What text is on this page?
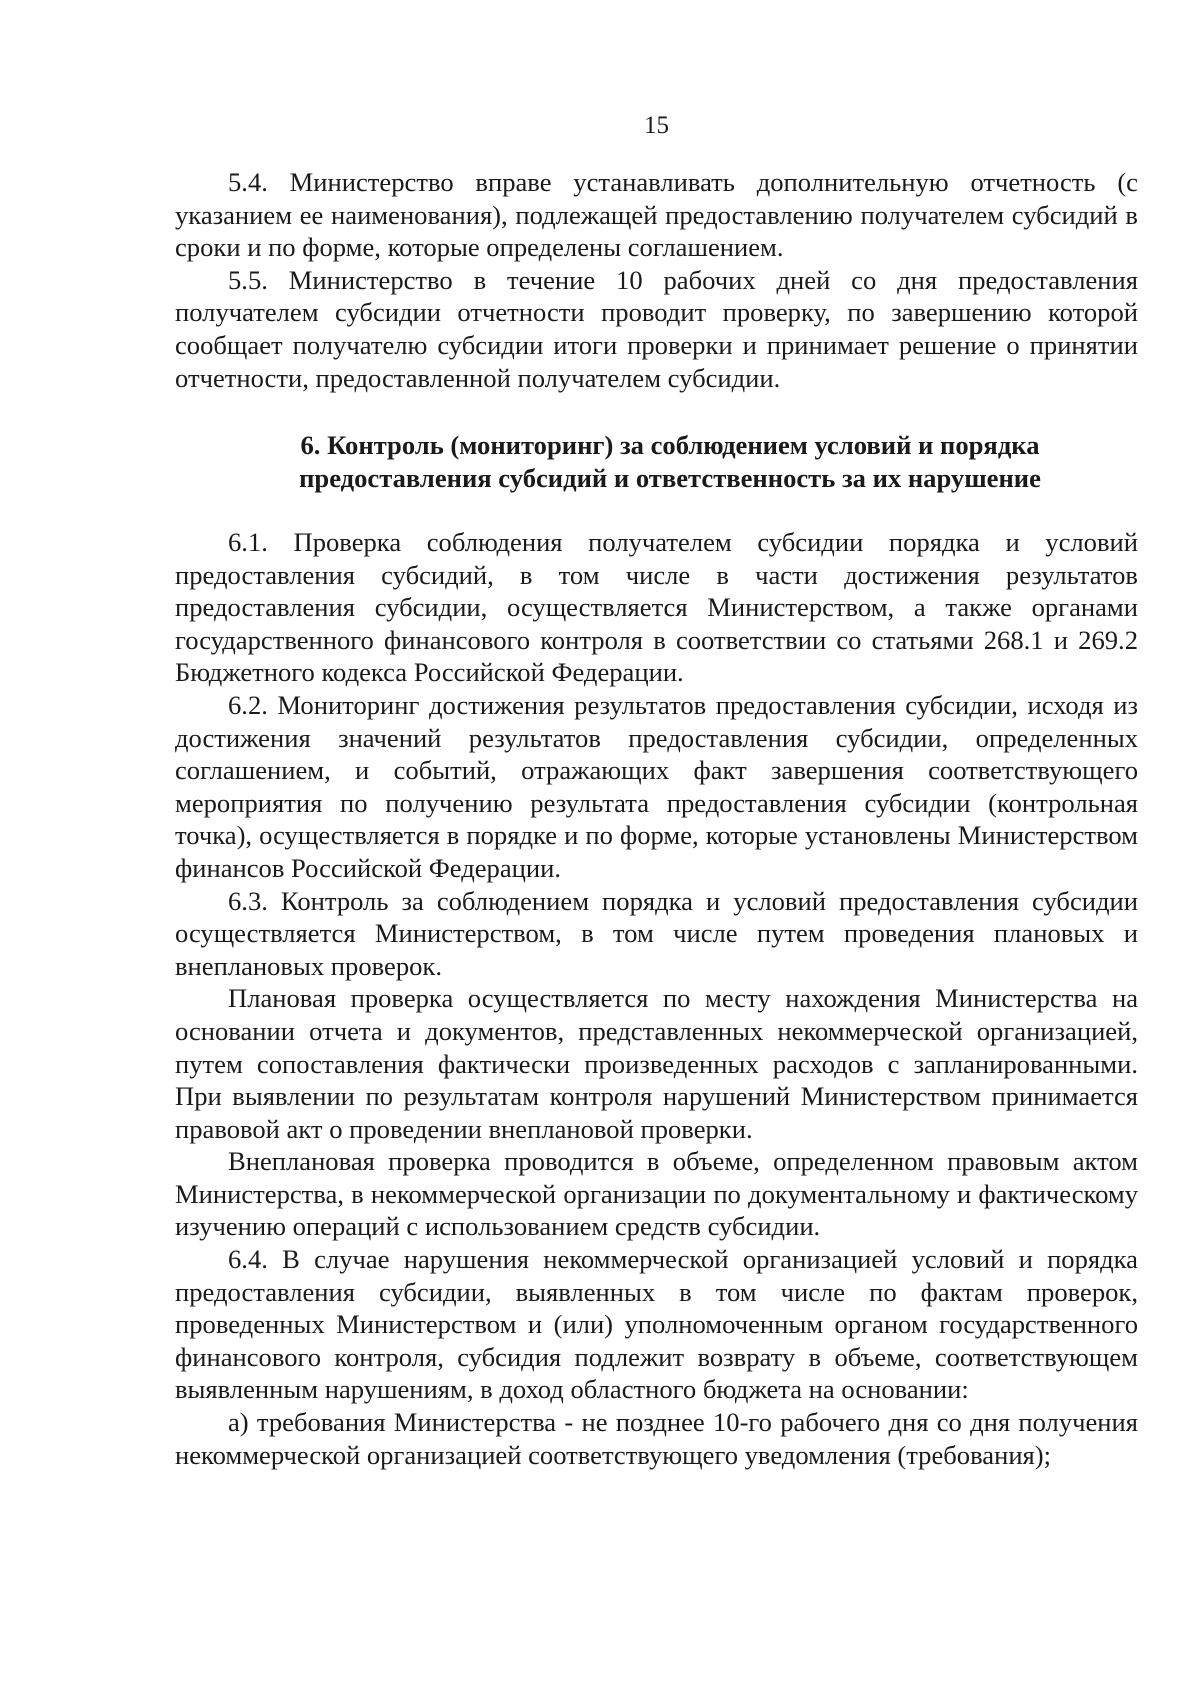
15

5.4. Министерство вправе устанавливать дополнительную отчетность (с указанием ее наименования), подлежащей предоставлению получателем субсидий в сроки и по форме, которые определены соглашением.

5.5. Министерство в течение 10 рабочих дней со дня предоставления получателем субсидии отчетности проводит проверку, по завершению которой сообщает получателю субсидии итоги проверки и принимает решение о принятии отчетности, предоставленной получателем субсидии.

6. Контроль (мониторинг) за соблюдением условий и порядка
предоставления субсидий и ответственность за их нарушение

6.1. Проверка соблюдения получателем субсидии порядка и условий предоставления субсидий, в том числе в части достижения результатов предоставления субсидии, осуществляется Министерством, а также органами государственного финансового контроля в соответствии со статьями 268.1 и 269.2 Бюджетного кодекса Российской Федерации.

6.2. Мониторинг достижения результатов предоставления субсидии, исходя из достижения значений результатов предоставления субсидии, определенных соглашением, и событий, отражающих факт завершения соответствующего мероприятия по получению результата предоставления субсидии (контрольная точка), осуществляется в порядке и по форме, которые установлены Министерством финансов Российской Федерации.

6.3. Контроль за соблюдением порядка и условий предоставления субсидии осуществляется Министерством, в том числе путем проведения плановых и внеплановых проверок.

Плановая проверка осуществляется по месту нахождения Министерства на основании отчета и документов, представленных некоммерческой организацией, путем сопоставления фактически произведенных расходов с запланированными. При выявлении по результатам контроля нарушений Министерством принимается правовой акт о проведении внеплановой проверки.

Внеплановая проверка проводится в объеме, определенном правовым актом Министерства, в некоммерческой организации по документальному и фактическому изучению операций с использованием средств субсидии.

6.4. В случае нарушения некоммерческой организацией условий и порядка предоставления субсидии, выявленных в том числе по фактам проверок, проведенных Министерством и (или) уполномоченным органом государственного финансового контроля, субсидия подлежит возврату в объеме, соответствующем выявленным нарушениям, в доход областного бюджета на основании:

а) требования Министерства - не позднее 10-го рабочего дня со дня получения некоммерческой организацией соответствующего уведомления (требования);
